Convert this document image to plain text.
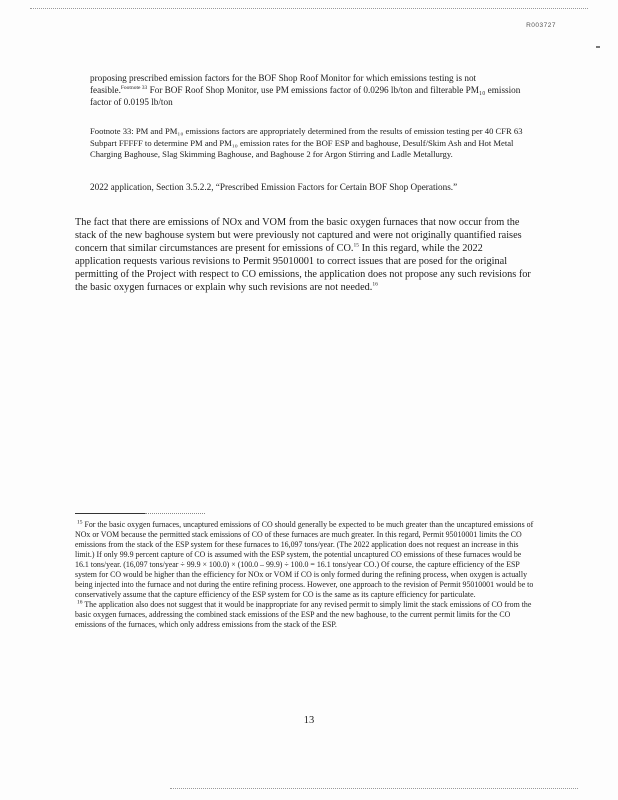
R003727
proposing prescribed emission factors for the BOF Shop Roof Monitor for which emissions testing is not feasible.$^{Footnote 33}$ For BOF Roof Shop Monitor, use PM emissions factor of 0.0296 lb/ton and filterable PM₁₀ emission factor of 0.0195 lb/ton
Footnote 33: PM and PM₁₀ emissions factors are appropriately determined from the results of emission testing per 40 CFR 63 Subpart FFFFF to determine PM and PM₁₀ emission rates for the BOF ESP and baghouse, Desulf/Skim Ash and Hot Metal Charging Baghouse, Slag Skimming Baghouse, and Baghouse 2 for Argon Stirring and Ladle Metallurgy.
2022 application, Section 3.5.2.2, “Prescribed Emission Factors for Certain BOF Shop Operations.”
The fact that there are emissions of NOx and VOM from the basic oxygen furnaces that now occur from the stack of the new baghouse system but were previously not captured and were not originally quantified raises concern that similar circumstances are present for emissions of CO.$^{15}$ In this regard, while the 2022 application requests various revisions to Permit 95010001 to correct issues that are posed for the original permitting of the Project with respect to CO emissions, the application does not propose any such revisions for the basic oxygen furnaces or explain why such revisions are not needed.$^{16}$

$^{15}$ For the basic oxygen furnaces, uncaptured emissions of CO should generally be expected to be much greater than the uncaptured emissions of NOx or VOM because the permitted stack emissions of CO of these furnaces are much greater. In this regard, Permit 95010001 limits the CO emissions from the stack of the ESP system for these furnaces to 16,097 tons/year. (The 2022 application does not request an increase in this limit.) If only 99.9 percent capture of CO is assumed with the ESP system, the potential uncaptured CO emissions of these furnaces would be 16.1 tons/year. (16,097 tons/year ÷ 99.9 × 100.0) × (100.0 – 99.9) ÷ 100.0 = 16.1 tons/year CO.) Of course, the capture efficiency of the ESP system for CO would be higher than the efficiency for NOx or VOM if CO is only formed during the refining process, when oxygen is actually being injected into the furnace and not during the entire refining process. However, one approach to the revision of Permit 95010001 would be to conservatively assume that the capture efficiency of the ESP system for CO is the same as its capture efficiency for particulate.

$^{16}$ The application also does not suggest that it would be inappropriate for any revised permit to simply limit the stack emissions of CO from the basic oxygen furnaces, addressing the combined stack emissions of the ESP and the new baghouse, to the current permit limits for the CO emissions of the furnaces, which only address emissions from the stack of the ESP.

13
